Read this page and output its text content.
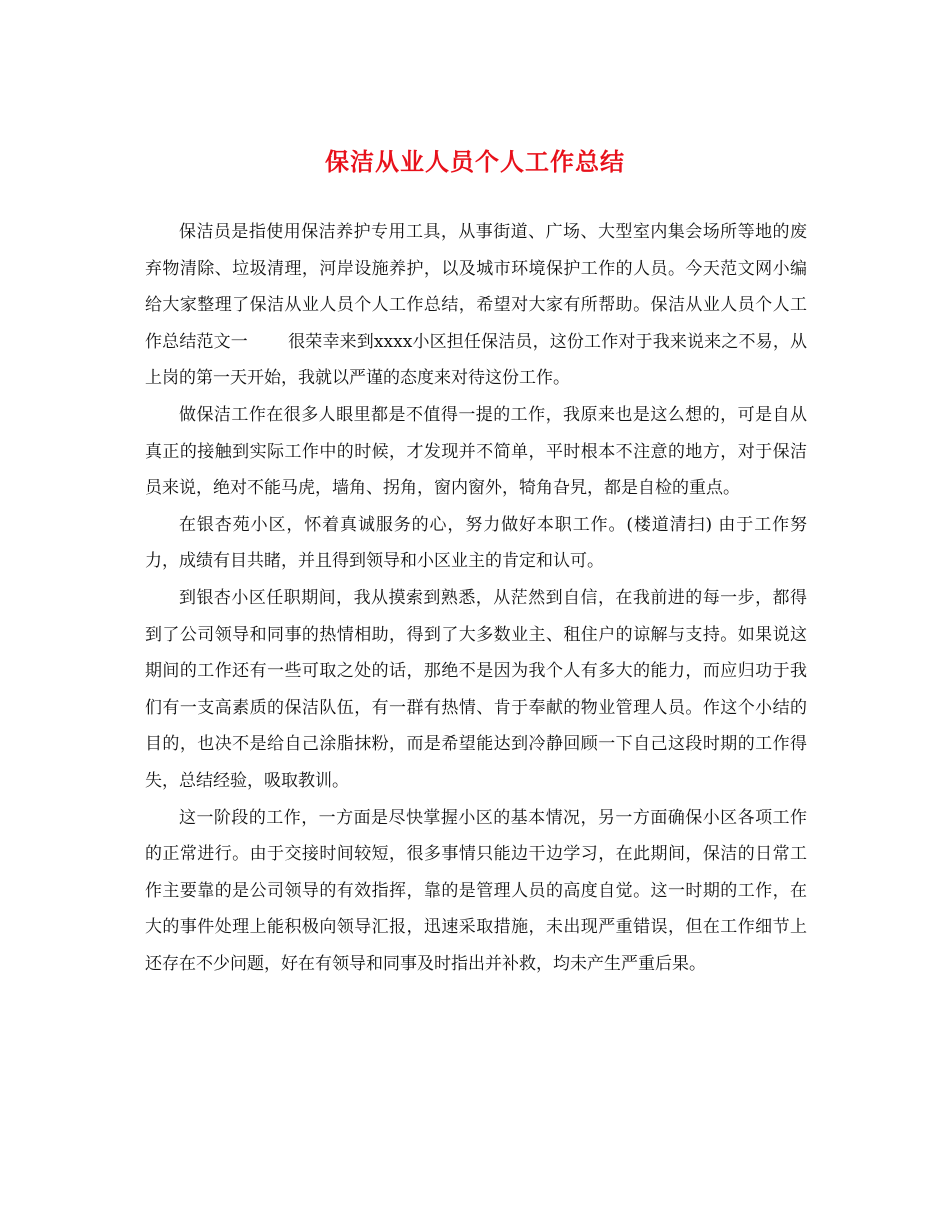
保洁从业人员个人工作总结

保洁员是指使用保洁养护专用工具，从事街道、广场、大型室内集会场所等地的废弃物清除、垃圾清理，河岸设施养护，以及城市环境保护工作的人员。今天范文网小编给大家整理了保洁从业人员个人工作总结，希望对大家有所帮助。保洁从业人员个人工作总结范文一 很荣幸来到xxxx小区担任保洁员，这份工作对于我来说来之不易，从上岗的第一天开始，我就以严谨的态度来对待这份工作。

做保洁工作在很多人眼里都是不值得一提的工作，我原来也是这么想的，可是自从真正的接触到实际工作中的时候，才发现并不简单，平时根本不注意的地方，对于保洁员来说，绝对不能马虎，墙角、拐角，窗内窗外，犄角旮旯，都是自检的重点。

在银杏苑小区，怀着真诚服务的心，努力做好本职工作。(楼道清扫) 由于工作努力，成绩有目共睹，并且得到领导和小区业主的肯定和认可。

到银杏小区任职期间，我从摸索到熟悉，从茫然到自信，在我前进的每一步，都得到了公司领导和同事的热情相助，得到了大多数业主、租住户的谅解与支持。如果说这期间的工作还有一些可取之处的话，那绝不是因为我个人有多大的能力，而应归功于我们有一支高素质的保洁队伍，有一群有热情、肯于奉献的物业管理人员。作这个小结的目的，也决不是给自己涂脂抹粉，而是希望能达到冷静回顾一下自己这段时期的工作得失，总结经验，吸取教训。

这一阶段的工作，一方面是尽快掌握小区的基本情况，另一方面确保小区各项工作的正常进行。由于交接时间较短，很多事情只能边干边学习，在此期间，保洁的日常工作主要靠的是公司领导的有效指挥，靠的是管理人员的高度自觉。这一时期的工作，在大的事件处理上能积极向领导汇报，迅速采取措施，未出现严重错误，但在工作细节上还存在不少问题，好在有领导和同事及时指出并补救，均未产生严重后果。
